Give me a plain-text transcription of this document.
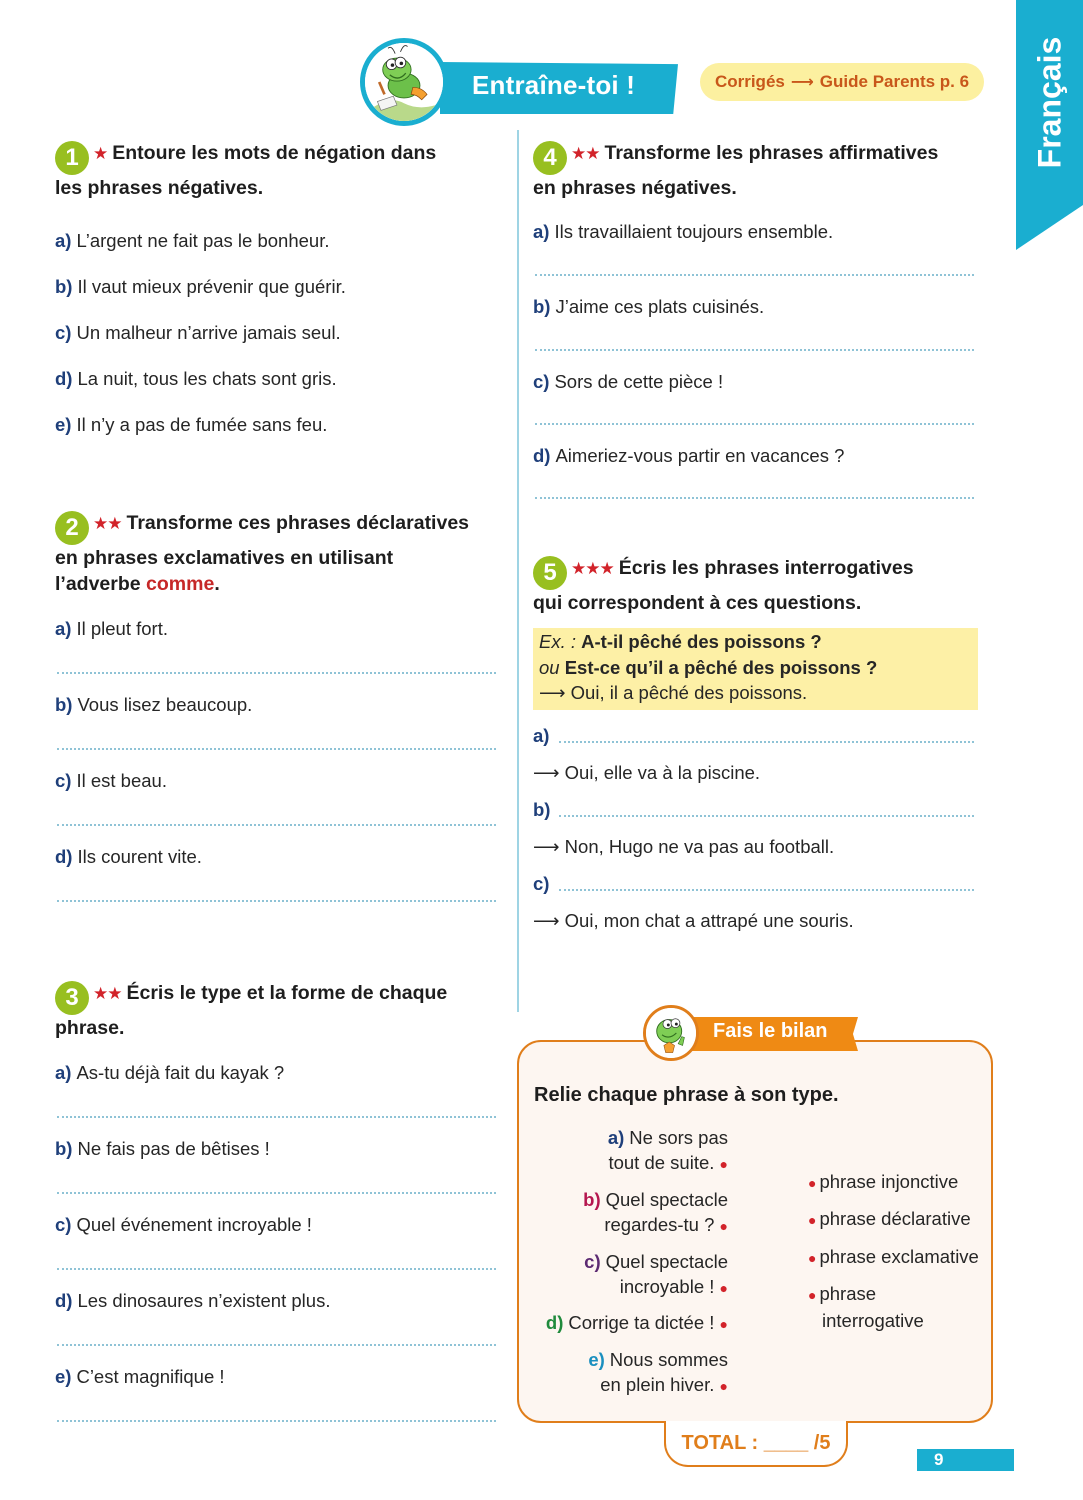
Entraîne-toi !	Corrigés ⟶ Guide Parents p. 6 Français
1 ★ Entoure les mots de négation dans
les phrases négatives.
a) L’argent ne fait pas le bonheur.
b) Il vaut mieux prévenir que guérir.
c) Un malheur n’arrive jamais seul.
d) La nuit, tous les chats sont gris.
e) Il n’y a pas de fumée sans feu.
2 ★★ Transforme ces phrases déclaratives
en phrases exclamatives en utilisant
l’adverbe comme.
a) Il pleut fort.
b) Vous lisez beaucoup.
c) Il est beau.
d) Ils courent vite.
3 ★★ Écris le type et la forme de chaque
phrase.
a) As-tu déjà fait du kayak ?
b) Ne fais pas de bêtises !
c) Quel événement incroyable !
d) Les dinosaures n’existent plus.
e) C’est magnifique !
4 ★★ Transforme les phrases affirmatives
en phrases négatives.
a) Ils travaillaient toujours ensemble.
b) J’aime ces plats cuisinés.
c) Sors de cette pièce !
d) Aimeriez-vous partir en vacances ?
5 ★★★ Écris les phrases interrogatives
qui correspondent à ces questions.
Ex. : A-t-il pêché des poissons ?
ou Est-ce qu’il a pêché des poissons ?
⟶ Oui, il a pêché des poissons.
a)
⟶ Oui, elle va à la piscine.
b)
⟶ Non, Hugo ne va pas au football.
c)
⟶ Oui, mon chat a attrapé une souris.
Fais le bilan
Relie chaque phrase à son type.
a) Ne sors pas
tout de suite. ●
b) Quel spectacle
regardes-tu ? ●
c) Quel spectacle
incroyable ! ●
d) Corrige ta dictée ! ●
e) Nous sommes
en plein hiver. ●
● phrase injonctive
● phrase déclarative
● phrase exclamative
● phrase
interrogative
TOTAL : ____ /5
9
